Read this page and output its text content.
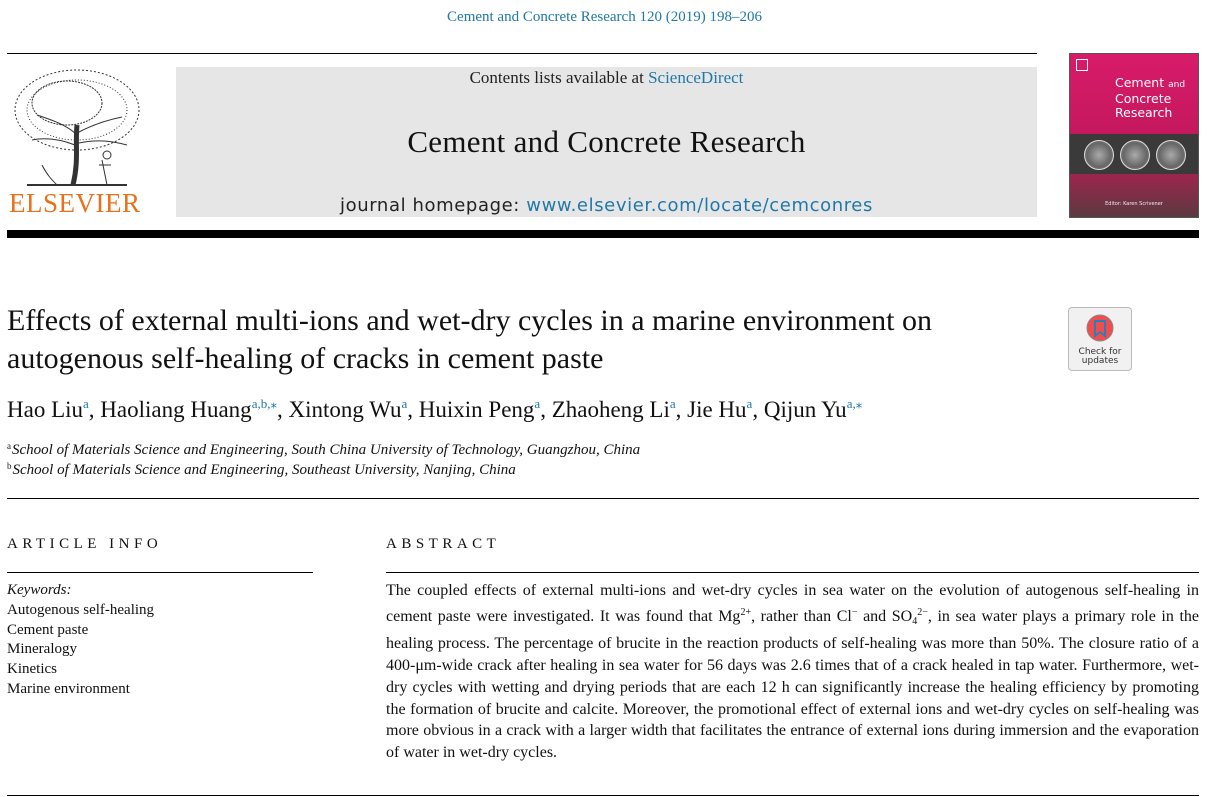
Cement and Concrete Research 120 (2019) 198–206
ELSEVIER
Contents lists available at ScienceDirect
Cement and Concrete Research
journal homepage: www.elsevier.com/locate/cemconres
Cement and
Concrete
Research
Editor: Karen Scrivener
Effects of external multi-ions and wet-dry cycles in a marine environment on autogenous self-healing of cracks in cement paste	Check for
updates
Hao Liu$^a$, Haoliang Huang$^{a,b,⁎}$, Xintong Wu$^a$, Huixin Peng$^a$, Zhaoheng Li$^a$, Jie Hu$^a$, Qijun $Yu^{a,⁎}$
$^a$School of Materials Science and Engineering, South China University of Technology, Guangzhou, China
$^b$School of Materials Science and Engineering, Southeast University, Nanjing, China
ARTICLE INFO
Keywords:
Autogenous self-healing
Cement paste
Mineralogy
Kinetics
Marine environment
ABSTRACT

The coupled effects of external multi-ions and wet-dry cycles in sea water on the evolution of autogenous self-healing in cement paste were investigated. It was found that $Mg^{2+}$, rather than Cl− and $SO_4^{2-}$, in sea water plays a primary role in the healing process. The percentage of brucite in the reaction products of self-healing was more than 50%. The closure ratio of a 400-μm-wide crack after healing in sea water for 56 days was 2.6 times that of a crack healed in tap water. Furthermore, wet-dry cycles with wetting and drying periods that are each 12 h can significantly increase the healing efficiency by promoting the formation of brucite and calcite. Moreover, the promotional effect of external ions and wet-dry cycles on self-healing was more obvious in a crack with a larger width that facilitates the entrance of external ions during immersion and the evaporation of water in wet-dry cycles.
